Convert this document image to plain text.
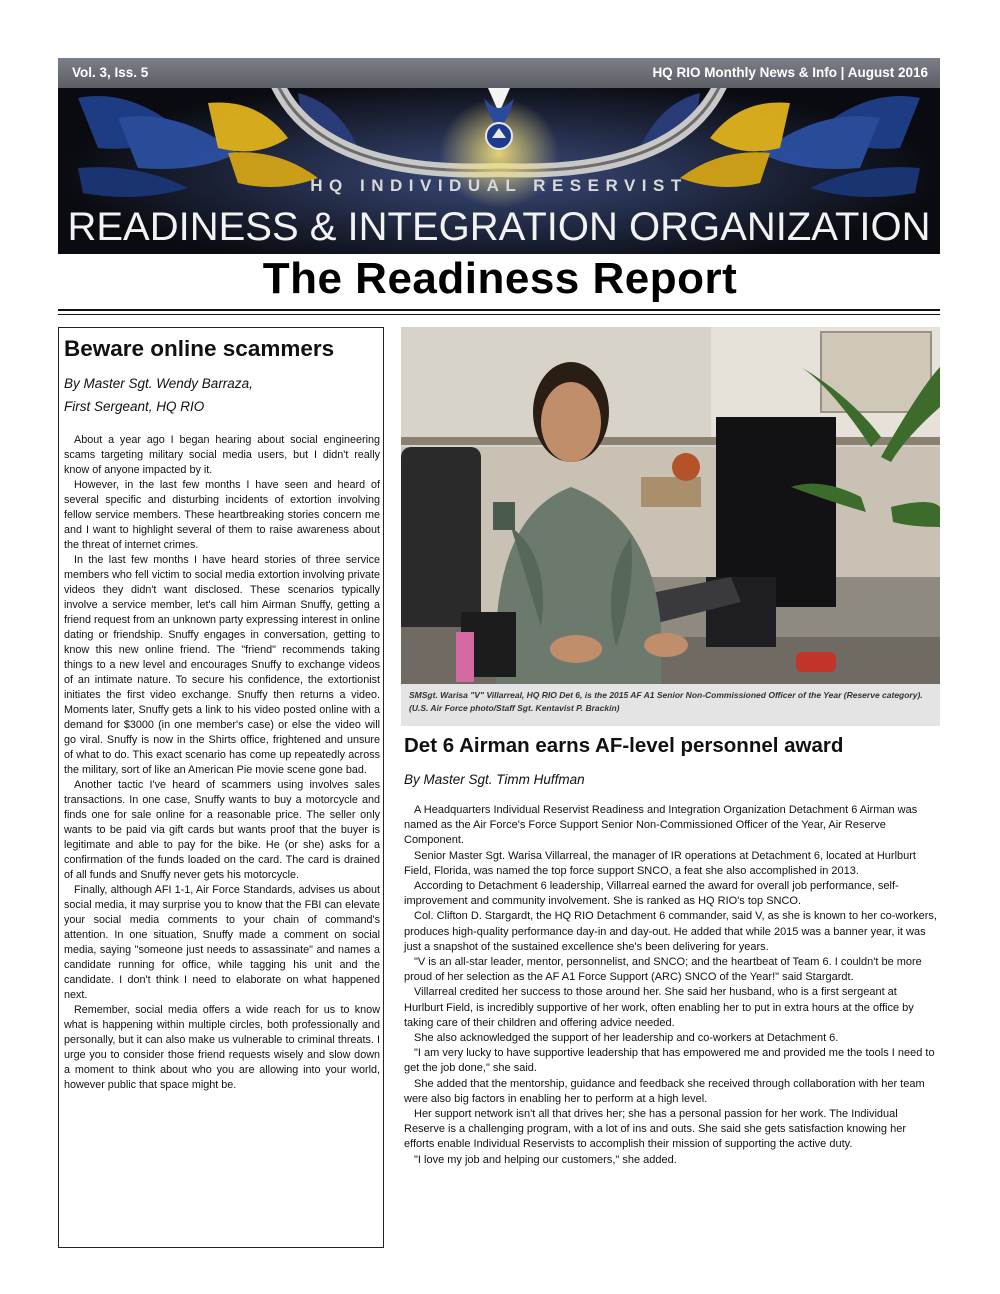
Vol. 3, Iss. 5	HQ RIO Monthly News & Info | August 2016
HQ INDIVIDUAL RESERVIST
READINESS & INTEGRATION ORGANIZATION
The Readiness Report
Beware online scammers
By Master Sgt. Wendy Barraza,
First Sergeant, HQ RIO

About a year ago I began hearing about social engineering scams targeting military social media users, but I didn't really know of anyone impacted by it.

However, in the last few months I have seen and heard of several specific and disturbing incidents of extortion involving fellow service members. These heartbreaking stories concern me and I want to highlight several of them to raise awareness about the threat of internet crimes.

In the last few months I have heard stories of three service members who fell victim to social media extortion involving private videos they didn't want disclosed. These scenarios typically involve a service member, let's call him Airman Snuffy, getting a friend request from an unknown party expressing interest in online dating or friendship. Snuffy engages in conversation, getting to know this new online friend. The "friend" recommends taking things to a new level and encourages Snuffy to exchange videos of an intimate nature. To secure his confidence, the extortionist initiates the first video exchange. Snuffy then returns a video. Moments later, Snuffy gets a link to his video posted online with a demand for $3000 (in one member's case) or else the video will go viral. Snuffy is now in the Shirts office, frightened and unsure of what to do. This exact scenario has come up repeatedly across the military, sort of like an American Pie movie scene gone bad.

Another tactic I've heard of scammers using involves sales transactions. In one case, Snuffy wants to buy a motorcycle and finds one for sale online for a reasonable price. The seller only wants to be paid via gift cards but wants proof that the buyer is legitimate and able to pay for the bike. He (or she) asks for a confirmation of the funds loaded on the card. The card is drained of all funds and Snuffy never gets his motorcycle.

Finally, although AFI 1-1, Air Force Standards, advises us about social media, it may surprise you to know that the FBI can elevate your social media comments to your chain of command's attention. In one situation, Snuffy made a comment on social media, saying "someone just needs to assassinate" and names a candidate running for office, while tagging his unit and the candidate. I don't think I need to elaborate on what happened next.

Remember, social media offers a wide reach for us to know what is happening within multiple circles, both professionally and personally, but it can also make us vulnerable to criminal threats. I urge you to consider those friend requests wisely and slow down a moment to think about who you are allowing into your world, however public that space might be.

SMSgt. Warisa "V" Villarreal, HQ RIO Det 6, is the 2015 AF A1 Senior Non-Commissioned Officer of the Year (Reserve category). (U.S. Air Force photo/Staff Sgt. Kentavist P. Brackin)
Det 6 Airman earns AF-level personnel award
By Master Sgt. Timm Huffman

A Headquarters Individual Reservist Readiness and Integration Organization Detachment 6 Airman was named as the Air Force's Force Support Senior Non-Commissioned Officer of the Year, Air Reserve Component.

Senior Master Sgt. Warisa Villarreal, the manager of IR operations at Detachment 6, located at Hurlburt Field, Florida, was named the top force support SNCO, a feat she also accomplished in 2013.

According to Detachment 6 leadership, Villarreal earned the award for overall job performance, self-improvement and community involvement. She is ranked as HQ RIO's top SNCO.

Col. Clifton D. Stargardt, the HQ RIO Detachment 6 commander, said V, as she is known to her co-workers, produces high-quality performance day-in and day-out. He added that while 2015 was a banner year, it was just a snapshot of the sustained excellence she's been delivering for years.

"V is an all-star leader, mentor, personnelist, and SNCO; and the heartbeat of Team 6. I couldn't be more proud of her selection as the AF A1 Force Support (ARC) SNCO of the Year!" said Stargardt.

Villarreal credited her success to those around her. She said her husband, who is a first sergeant at Hurlburt Field, is incredibly supportive of her work, often enabling her to put in extra hours at the office by taking care of their children and offering advice needed.

She also acknowledged the support of her leadership and co-workers at Detachment 6.

"I am very lucky to have supportive leadership that has empowered me and provided me the tools I need to get the job done," she said.

She added that the mentorship, guidance and feedback she received through collaboration with her team were also big factors in enabling her to perform at a high level.

Her support network isn't all that drives her; she has a personal passion for her work. The Individual Reserve is a challenging program, with a lot of ins and outs. She said she gets satisfaction knowing her efforts enable Individual Reservists to accomplish their mission of supporting the active duty.

"I love my job and helping our customers," she added.
